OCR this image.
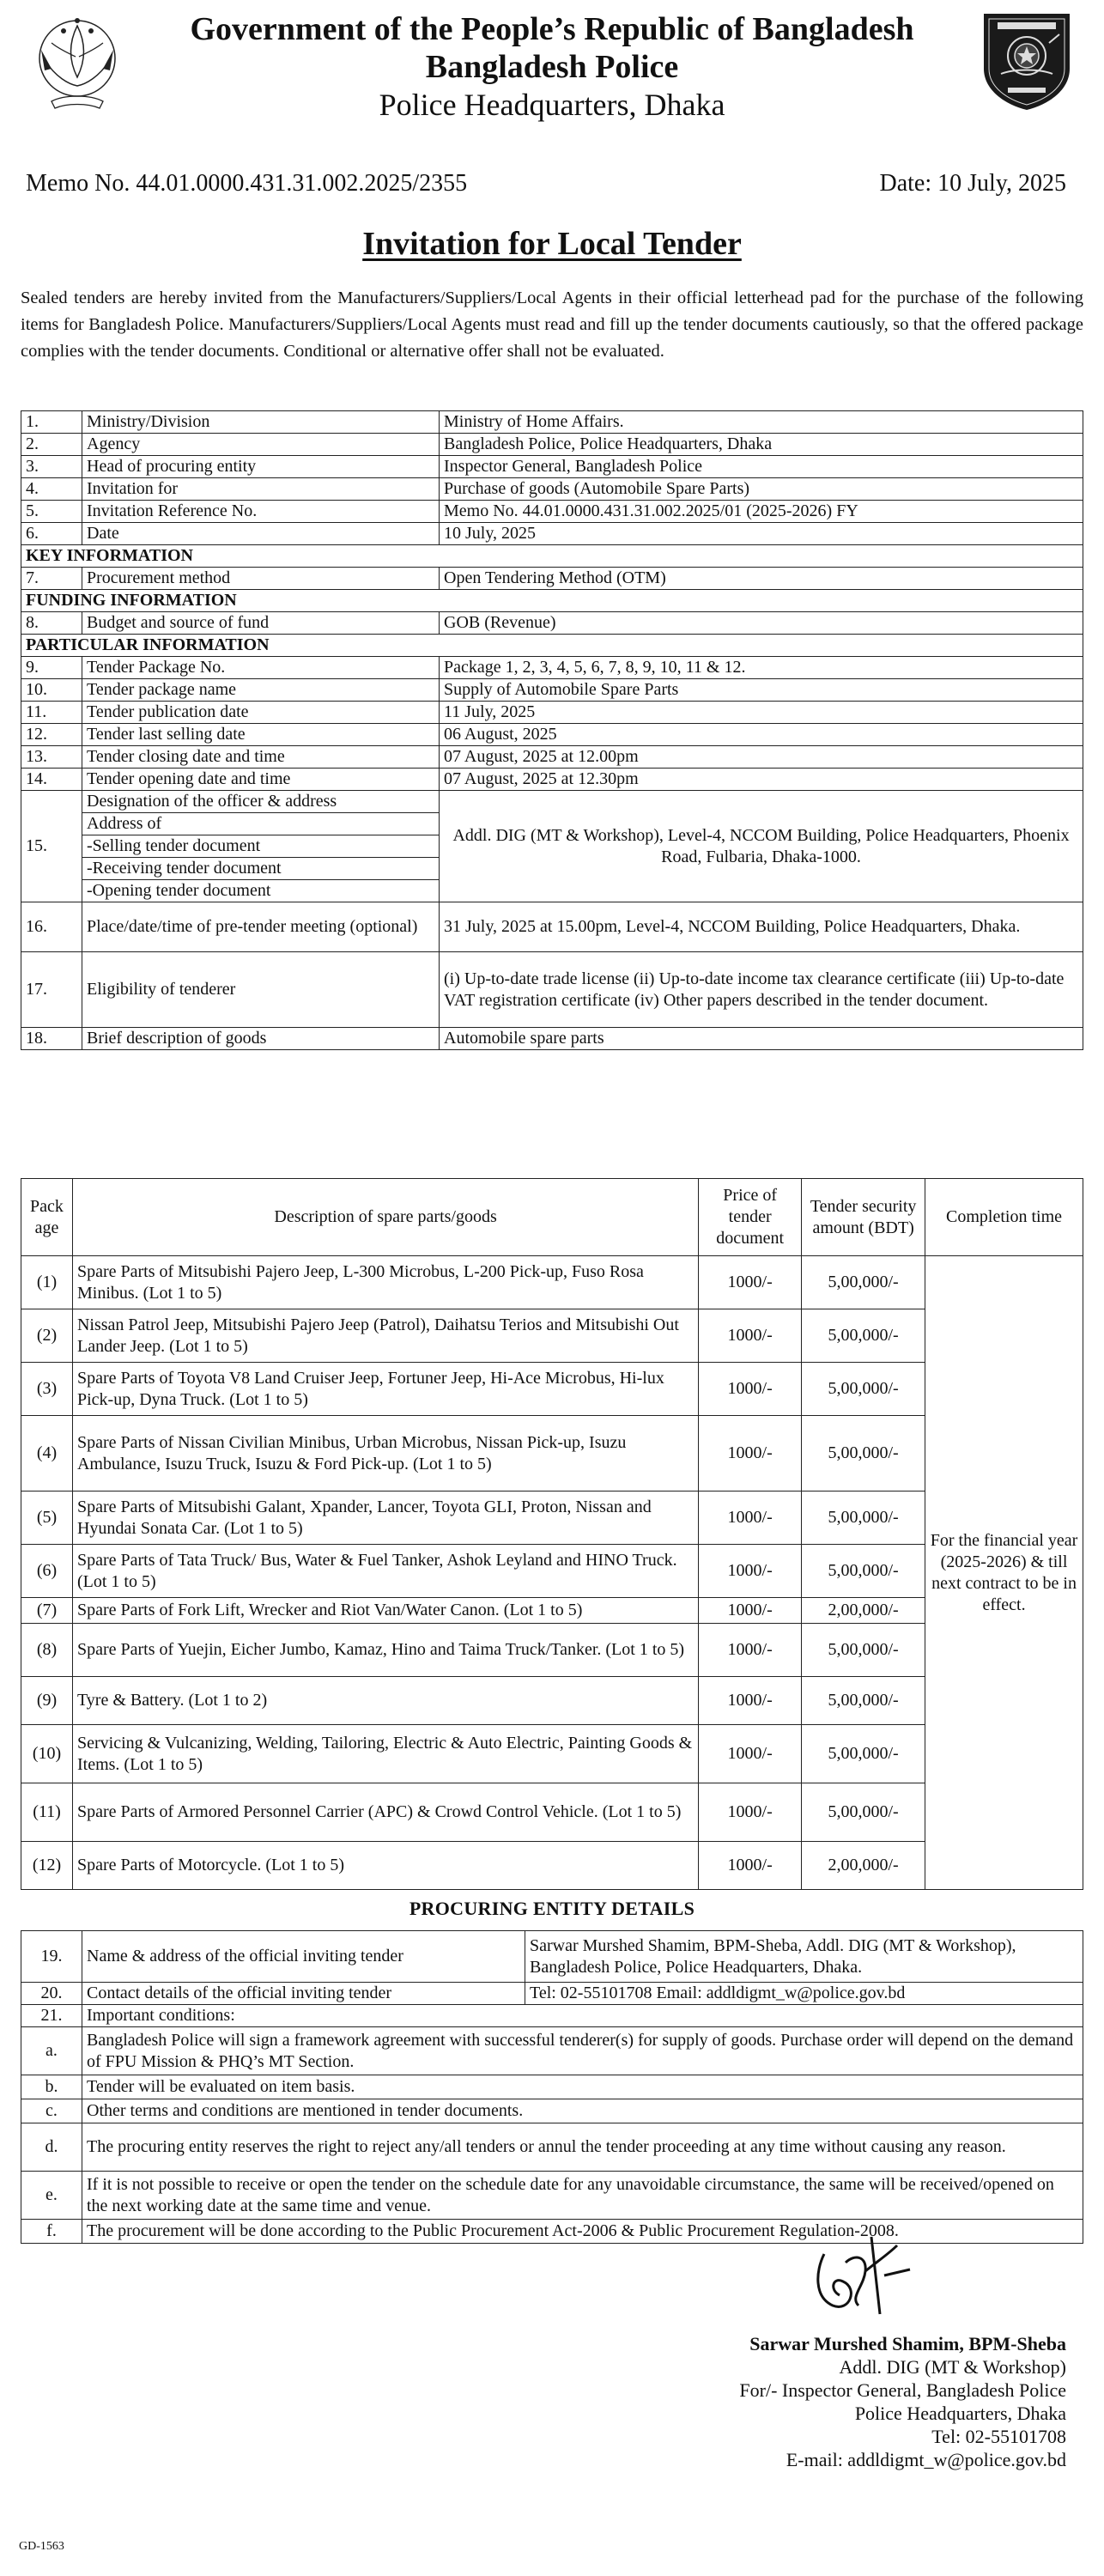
Government of the People’s Republic of Bangladesh
Bangladesh Police
Police Headquarters, Dhaka
Memo No. 44.01.0000.431.31.002.2025/2355	Date: 10 July, 2025
Invitation for Local Tender
Sealed tenders are hereby invited from the Manufacturers/Suppliers/Local Agents in their official letterhead pad for the purchase of the following items for Bangladesh Police. Manufacturers/Suppliers/Local Agents must read and fill up the tender documents cautiously, so that the offered package complies with the tender documents. Conditional or alternative offer shall not be evaluated.
1.	Ministry/Division	Ministry of Home Affairs.
2.	Agency	Bangladesh Police, Police Headquarters, Dhaka
3.	Head of procuring entity	Inspector General, Bangladesh Police
4.	Invitation for	Purchase of goods (Automobile Spare Parts)
5.	Invitation Reference No.	Memo No. 44.01.0000.431.31.002.2025/01 (2025-2026) FY
6.	Date	10 July, 2025
KEY INFORMATION		
7.	Procurement method	Open Tendering Method (OTM)
FUNDING INFORMATION		
8.	Budget and source of fund	GOB (Revenue)
PARTICULAR INFORMATION		
9.	Tender Package No.	Package 1, 2, 3, 4, 5, 6, 7, 8, 9, 10, 11 & 12.
10.	Tender package name	Supply of Automobile Spare Parts
11.	Tender publication date	11 July, 2025
12.	Tender last selling date	06 August, 2025
13.	Tender closing date and time	07 August, 2025 at 12.00pm
14.	Tender opening date and time	07 August, 2025 at 12.30pm
15.	Designation of the officer & address	Addl. DIG (MT & Workshop), Level-4, NCCOM Building, Police Headquarters, Phoenix Road, Fulbaria, Dhaka-1000.
	Address of	
	-Selling tender document	
	-Receiving tender document	
	-Opening tender document	
16.	Place/date/time of pre-tender meeting (optional)	31 July, 2025 at 15.00pm, Level-4, NCCOM Building, Police Headquarters, Dhaka.
17.	Eligibility of tenderer	(i) Up-to-date trade license (ii) Up-to-date income tax clearance certificate (iii) Up-to-date VAT registration certificate (iv) Other papers described in the tender document.
18.	Brief description of goods	Automobile spare parts
Pack age	Description of spare parts/goods	Price of tender document	Tender security amount (BDT)	Completion time
(1)	Spare Parts of Mitsubishi Pajero Jeep, L-300 Microbus, L-200 Pick-up, Fuso Rosa Minibus. (Lot 1 to 5)	1000/-	5,00,000/-	For the financial year (2025-2026) & till next contract to be in effect.
(2)	Nissan Patrol Jeep, Mitsubishi Pajero Jeep (Patrol), Daihatsu Terios and Mitsubishi Out Lander Jeep. (Lot 1 to 5)	1000/-	5,00,000/-	
(3)	Spare Parts of Toyota V8 Land Cruiser Jeep, Fortuner Jeep, Hi-Ace Microbus, Hi-lux Pick-up, Dyna Truck. (Lot 1 to 5)	1000/-	5,00,000/-	
(4)	Spare Parts of Nissan Civilian Minibus, Urban Microbus, Nissan Pick-up, Isuzu Ambulance, Isuzu Truck, Isuzu & Ford Pick-up. (Lot 1 to 5)	1000/-	5,00,000/-	
(5)	Spare Parts of Mitsubishi Galant, Xpander, Lancer, Toyota GLI, Proton, Nissan and Hyundai Sonata Car. (Lot 1 to 5)	1000/-	5,00,000/-	
(6)	Spare Parts of Tata Truck/ Bus, Water & Fuel Tanker, Ashok Leyland and HINO Truck. (Lot 1 to 5)	1000/-	5,00,000/-	
(7)	Spare Parts of Fork Lift, Wrecker and Riot Van/Water Canon. (Lot 1 to 5)	1000/-	2,00,000/-	
(8)	Spare Parts of Yuejin, Eicher Jumbo, Kamaz, Hino and Taima Truck/Tanker. (Lot 1 to 5)	1000/-	5,00,000/-	
(9)	Tyre & Battery. (Lot 1 to 2)	1000/-	5,00,000/-	
(10)	Servicing & Vulcanizing, Welding, Tailoring, Electric & Auto Electric, Painting Goods & Items. (Lot 1 to 5)	1000/-	5,00,000/-	
(11)	Spare Parts of Armored Personnel Carrier (APC) & Crowd Control Vehicle. (Lot 1 to 5)	1000/-	5,00,000/-	
(12)	Spare Parts of Motorcycle. (Lot 1 to 5)	1000/-	2,00,000/-	
PROCURING ENTITY DETAILS
19.	Name & address of the official inviting tender	Sarwar Murshed Shamim, BPM-Sheba, Addl. DIG (MT & Workshop), Bangladesh Police, Police Headquarters, Dhaka.
20.	Contact details of the official inviting tender	Tel: 02-55101708 Email: addldigmt_w@police.gov.bd
21.	Important conditions:	
a.	Bangladesh Police will sign a framework agreement with successful tenderer(s) for supply of goods. Purchase order will depend on the demand of FPU Mission & PHQ’s MT Section.	
b.	Tender will be evaluated on item basis.	
c.	Other terms and conditions are mentioned in tender documents.	
d.	The procuring entity reserves the right to reject any/all tenders or annul the tender proceeding at any time without causing any reason.	
e.	If it is not possible to receive or open the tender on the schedule date for any unavoidable circumstance, the same will be received/opened on the next working date at the same time and venue.	
f.	The procurement will be done according to the Public Procurement Act-2006 & Public Procurement Regulation-2008.	
Sarwar Murshed Shamim, BPM-Sheba
Addl. DIG (MT & Workshop)
For/- Inspector General, Bangladesh Police
Police Headquarters, Dhaka
Tel: 02-55101708
E-mail: addldigmt_w@police.gov.bd
GD-1563
